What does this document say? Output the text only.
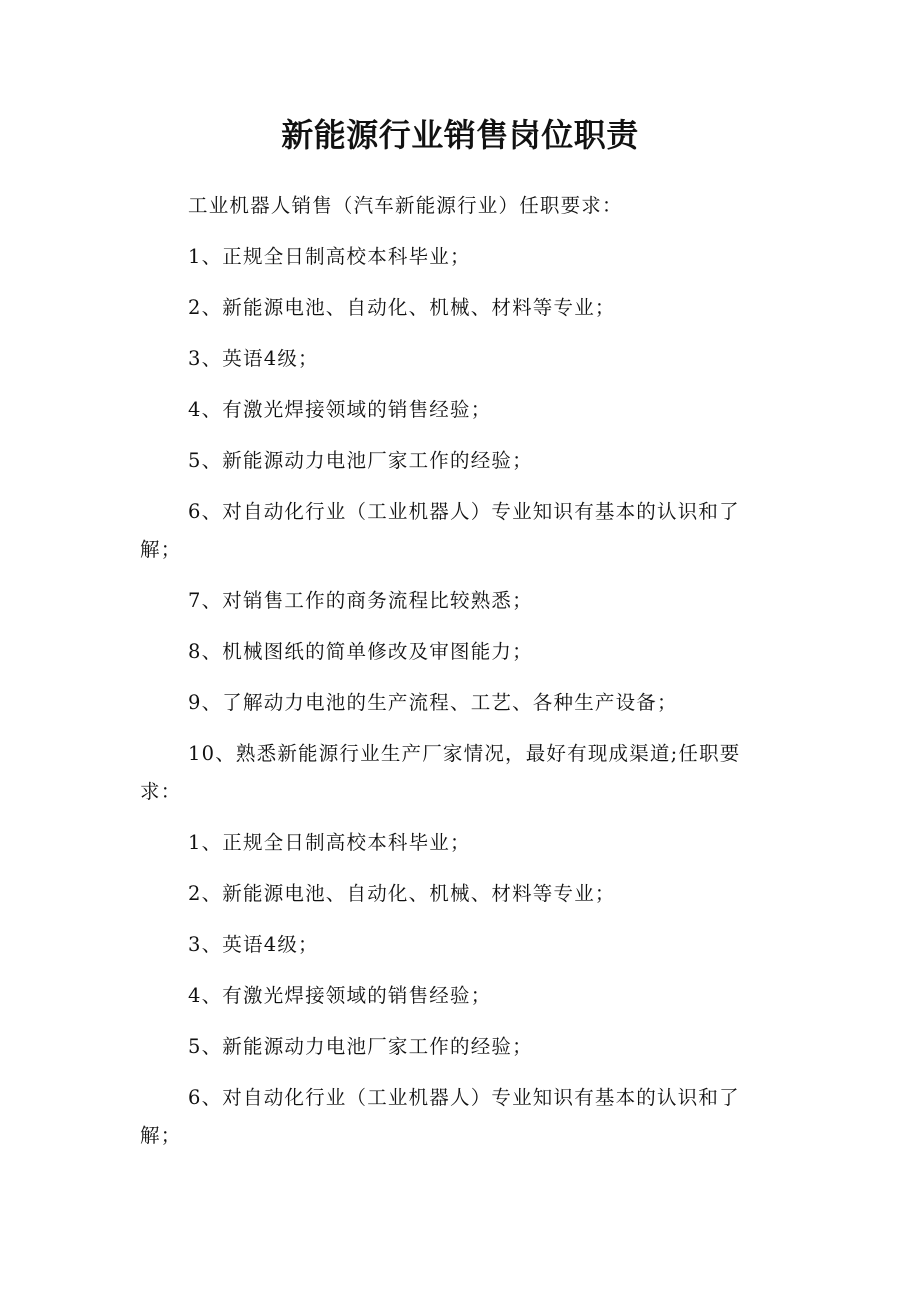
新能源行业销售岗位职责

工业机器人销售（汽车新能源行业）任职要求：

1、正规全日制高校本科毕业；

2、新能源电池、自动化、机械、材料等专业；

3、英语4级；

4、有激光焊接领域的销售经验；

5、新能源动力电池厂家工作的经验；

6、对自动化行业（工业机器人）专业知识有基本的认识和了解；

7、对销售工作的商务流程比较熟悉；

8、机械图纸的简单修改及审图能力；

9、了解动力电池的生产流程、工艺、各种生产设备；

10、熟悉新能源行业生产厂家情况，最好有现成渠道;任职要求：

1、正规全日制高校本科毕业；

2、新能源电池、自动化、机械、材料等专业；

3、英语4级；

4、有激光焊接领域的销售经验；

5、新能源动力电池厂家工作的经验；

6、对自动化行业（工业机器人）专业知识有基本的认识和了解；
